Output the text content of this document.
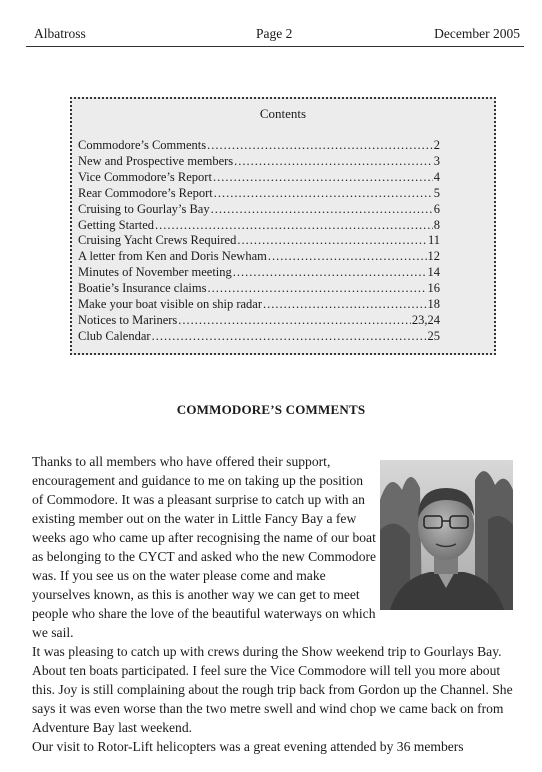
Albatross	Page 2	December 2005
Contents
Commodore’s Comments .....	2
New and Prospective members .....	3
Vice Commodore’s Report .....	4
Rear Commodore’s Report .....	5
Cruising to Gourlay’s Bay .....	6
Getting Started .....	8
Cruising Yacht Crews Required .....	11
A letter from Ken and Doris Newham .....	12
Minutes of November meeting .....	14
Boatie’s Insurance claims .....	16
Make your boat visible on ship radar .....	18
Notices to Mariners .....	23,24
Club Calendar .....	25
COMMODORE’S COMMENTS

Thanks to all members who have offered their support, encouragement and guidance to me on taking up the position of Commodore. It was a pleasant surprise to catch up with an existing member out on the water in Little Fancy Bay a few weeks ago who came up after recognising the name of our boat as belonging to the CYCT and asked who the new Commodore was. If you see us on the water please come and make yourselves known, as this is another way we can get to meet people who share the love of the beautiful waterways on which we sail.

It was pleasing to catch up with crews during the Show weekend trip to Gourlays Bay. About ten boats participated. I feel sure the Vice Commodore will tell you more about this. Joy is still complaining about the rough trip back from Gordon up the Channel. She says it was even worse than the two metre swell and wind chop we came back on from Adventure Bay last weekend.

Our visit to Rotor-Lift helicopters was a great evening attended by 36 members
